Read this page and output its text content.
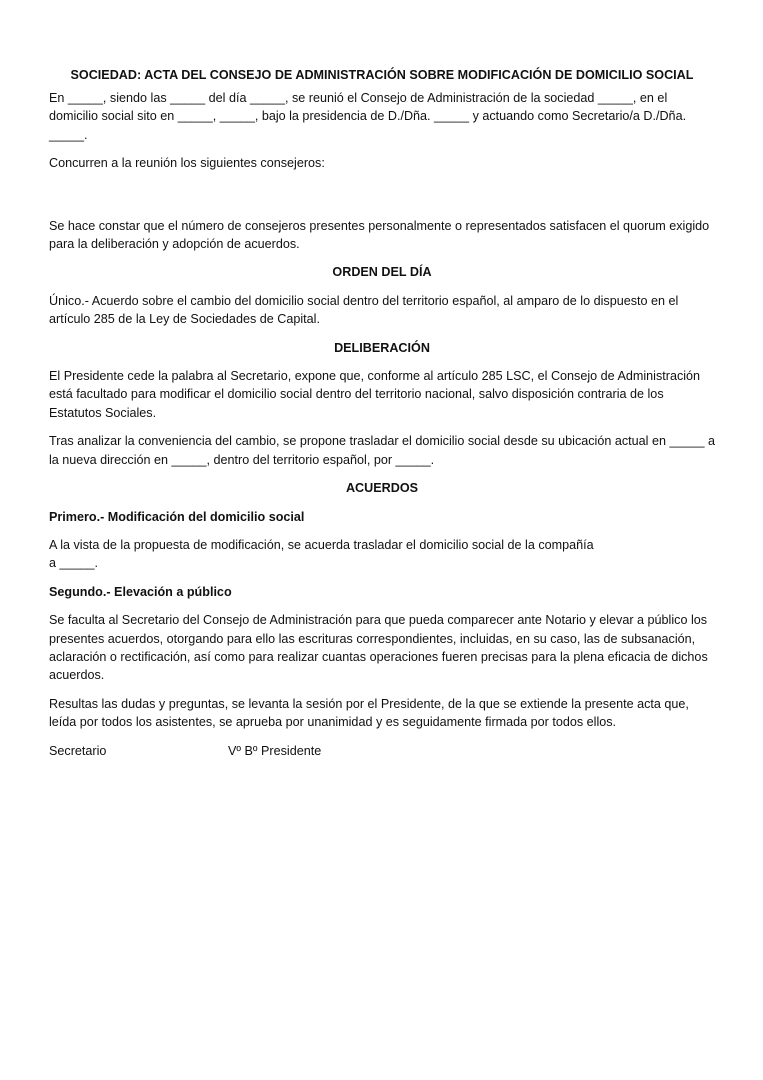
SOCIEDAD: ACTA DEL CONSEJO DE ADMINISTRACIÓN SOBRE MODIFICACIÓN DE DOMICILIO SOCIAL

En _____, siendo las _____ del día _____, se reunió el Consejo de Administración de la sociedad _____, en el domicilio social sito en _____, _____, bajo la presidencia de D./Dña. _____ y actuando como Secretario/a D./Dña. _____.

Concurren a la reunión los siguientes consejeros:

Se hace constar que el número de consejeros presentes personalmente o representados satisfacen el quorum exigido para la deliberación y adopción de acuerdos.

ORDEN DEL DÍA

Único.- Acuerdo sobre el cambio del domicilio social dentro del territorio español, al amparo de lo dispuesto en el artículo 285 de la Ley de Sociedades de Capital.

DELIBERACIÓN

El Presidente cede la palabra al Secretario, expone que, conforme al artículo 285 LSC, el Consejo de Administración está facultado para modificar el domicilio social dentro del territorio nacional, salvo disposición contraria de los Estatutos Sociales.

Tras analizar la conveniencia del cambio, se propone trasladar el domicilio social desde su ubicación actual en _____ a la nueva dirección en _____, dentro del territorio español, por _____.

ACUERDOS
Primero.- Modificación del domicilio social

A la vista de la propuesta de modificación, se acuerda trasladar el domicilio social de la compañía
a _____.

Segundo.- Elevación a público

Se faculta al Secretario del Consejo de Administración para que pueda comparecer ante Notario y elevar a público los presentes acuerdos, otorgando para ello las escrituras correspondientes, incluidas, en su caso, las de subsanación, aclaración o rectificación, así como para realizar cuantas operaciones fueren precisas para la plena eficacia de dichos acuerdos.

Resultas las dudas y preguntas, se levanta la sesión por el Presidente, de la que se extiende la presente acta que, leída por todos los asistentes, se aprueba por unanimidad y es seguidamente firmada por todos ellos.

Secretario	Vº Bº Presidente
